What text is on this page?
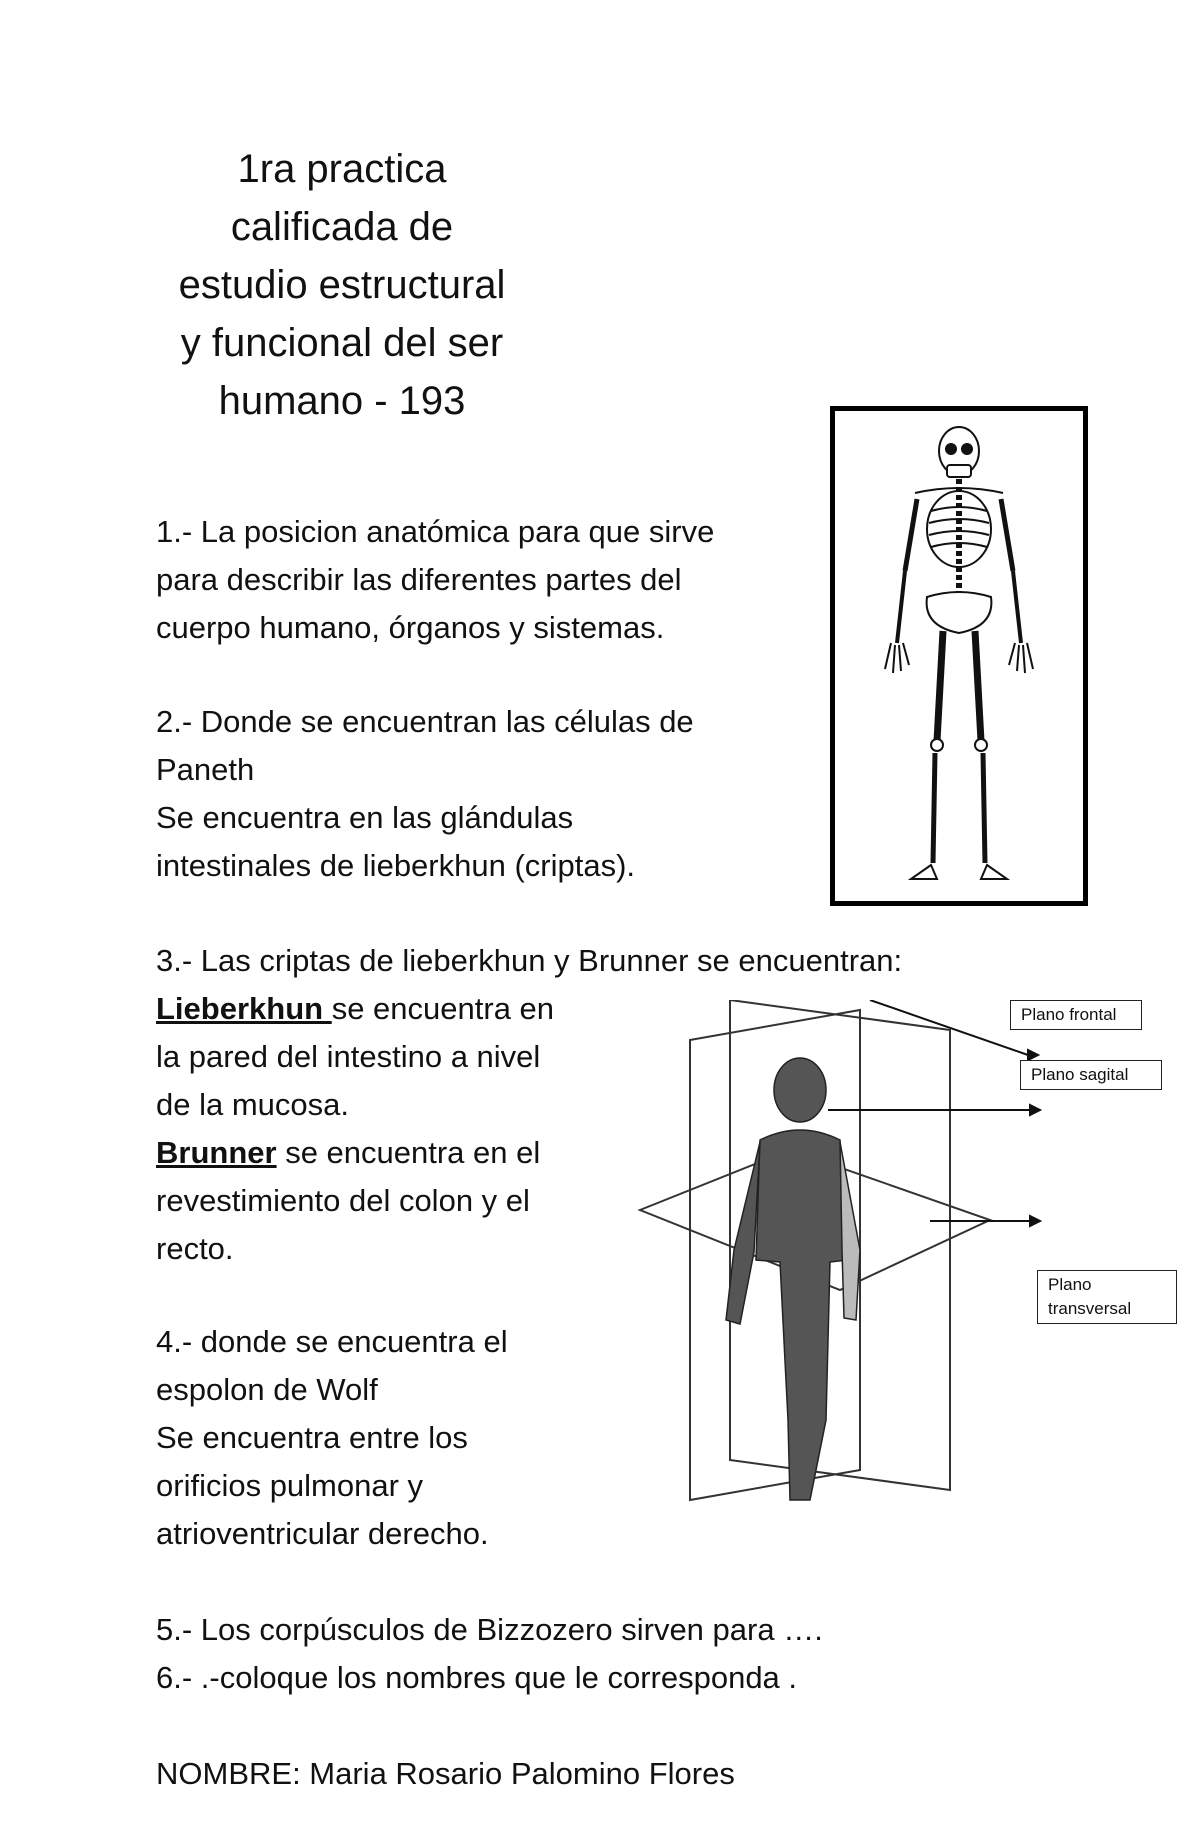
1ra practica
calificada de
estudio estructural
y funcional del ser
humano - 193
1.- La posicion anatómica para que sirve
para describir las diferentes partes del
cuerpo humano, órganos y sistemas.
2.- Donde se encuentran las células de
Paneth
Se encuentra en las glándulas
intestinales de lieberkhun (criptas).
3.- Las criptas de lieberkhun y Brunner se encuentran:
Lieberkhun se encuentra en
la pared del intestino a nivel
de la mucosa.
Brunner se encuentra en el
revestimiento del colon y el
recto.
4.- donde se encuentra el
espolon de Wolf
Se encuentra entre los
orificios pulmonar y
atrioventricular derecho.
5.- Los corpúsculos de Bizzozero sirven para ….
6.- .-coloque los nombres que le corresponda .
NOMBRE: Maria Rosario Palomino Flores
Plano frontal
Plano sagital
Plano
transversal
